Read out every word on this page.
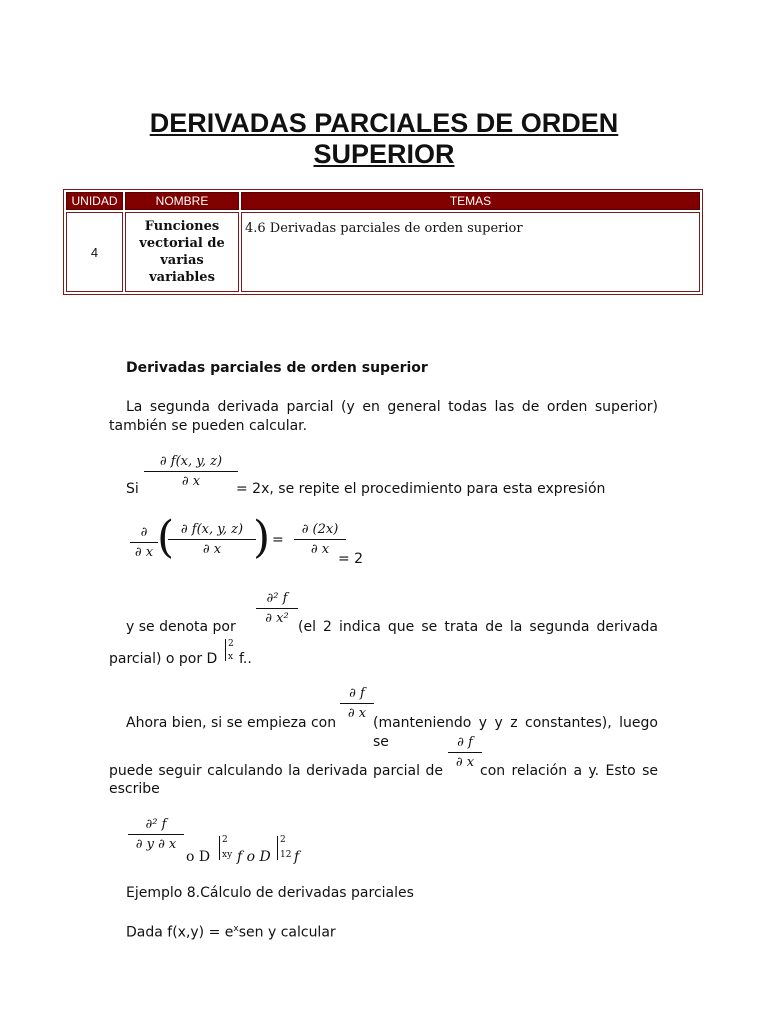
DERIVADAS PARCIALES DE ORDEN
SUPERIOR
UNIDAD	NOMBRE	TEMAS
4	Funciones
vectorial de
varias
variables	4.6 Derivadas parciales de orden superior
Derivadas parciales de orden superior
La segunda derivada parcial (y en general todas las de orden superior) también se pueden calcular.
Si $\frac{\partial f(x, y, z)}{\partial x}$
= 2x, se repite el procedimiento para esta expresión
∂
∂ x (
$\frac{\partial f(x, y, z)}{\partial x}$
) = $\frac{\partial (2x)}{\partial x}$
= 2
$\frac{\text{∂² f}}{\text{∂ x²}}$
y se denota por	(el 2 indica que se trata de la segunda derivada
parcial) o por D
2
x f..
$\frac{\partial f}{\partial x}$
Ahora bien, si se empieza con	(manteniendo y y z constantes), luego se	$\frac{\partial f}{\partial x}$
puede seguir calculando la derivada parcial de	con relación a y. Esto se
escribe
$\frac{\text{∂² f}}{\partial y \partial x}$
o D
2
xy f o D
2
12 f
Ejemplo 8.Cálculo de derivadas parciales
Dada $f(x,y) = e^xsen$ y calcular
